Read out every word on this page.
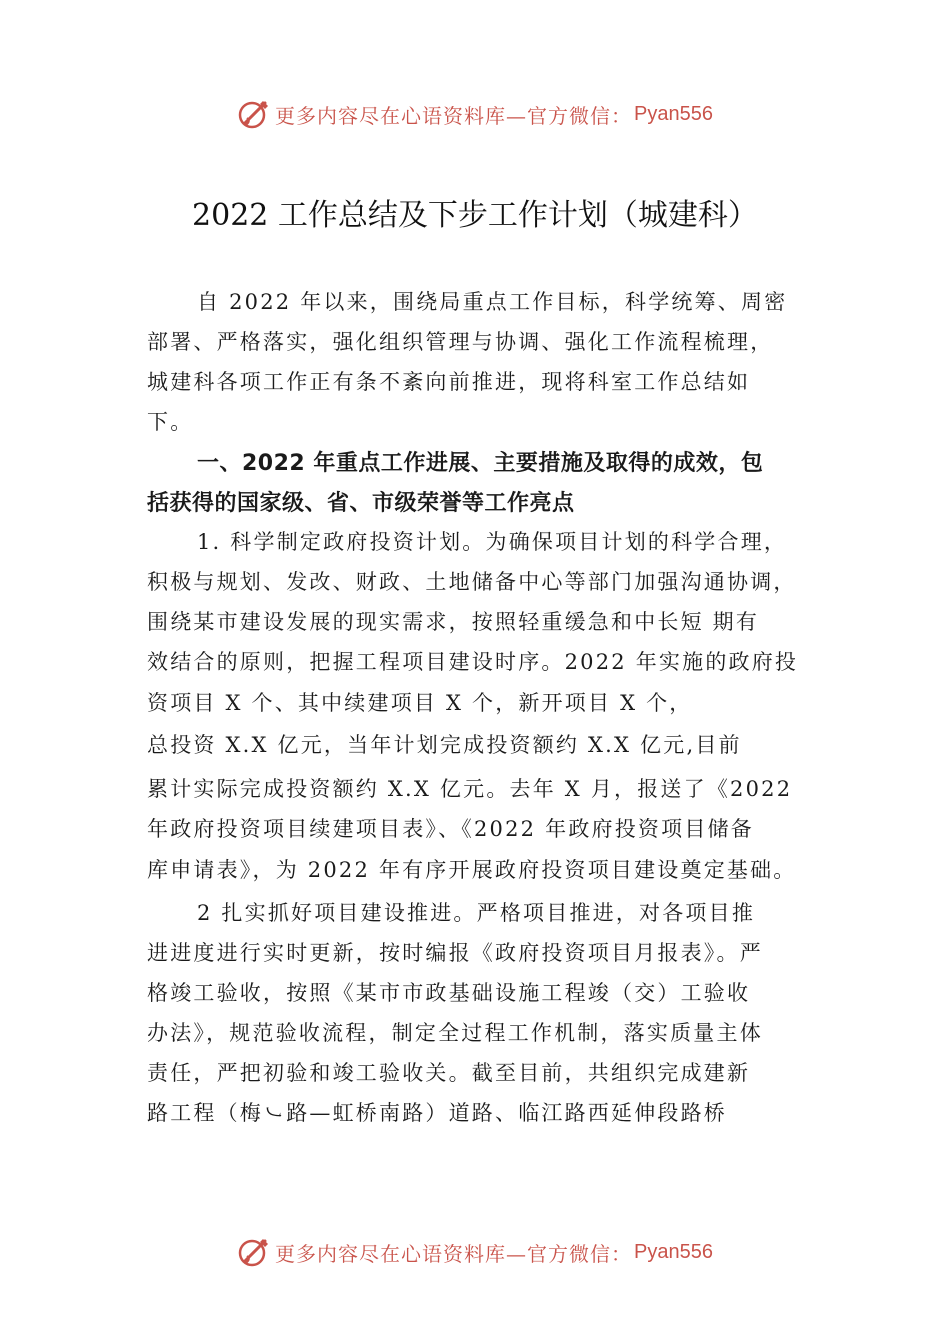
更多内容尽在心语资料库—官方微信： Pyan556
2022 工作总结及下步工作计划（城建科）
自 2022 年以来，围绕局重点工作目标，科学统筹、周密
部署、严格落实，强化组织管理与协调、强化工作流程梳理，
城建科各项工作正有条不紊向前推进，现将科室工作总结如
下。
一、2022 年重点工作进展、主要措施及取得的成效，包
括获得的国家级、省、市级荣誉等工作亮点
1. 科学制定政府投资计划。为确保项目计划的科学合理，
积极与规划、发改、财政、土地储备中心等部门加强沟通协调，
围绕某市建设发展的现实需求，按照轻重缓急和中长短 期有
效结合的原则，把握工程项目建设时序。2022 年实施的政府投
资项目 X 个、其中续建项目 X 个，新开项目 X 个，
总投资 X.X 亿元，当年计划完成投资额约 X.X 亿元,目前
累计实际完成投资额约 X.X 亿元。去年 X 月，报送了《2022
年政府投资项目续建项目表》、《2022 年政府投资项目储备
库申请表》，为 2022 年有序开展政府投资项目建设奠定基础。
2 扎实抓好项目建设推进。严格项目推进，对各项目推
进进度进行实时更新，按时编报《政府投资项目月报表》。严
格竣工验收，按照《某市市政基础设施工程竣（交）工验收
办法》，规范验收流程，制定全过程工作机制，落实质量主体
责任，严把初验和竣工验收关。截至目前，共组织完成建新
路工程（梅㇃路—虹桥南路）道路、临江路西延伸段路桥
更多内容尽在心语资料库—官方微信： Pyan556
